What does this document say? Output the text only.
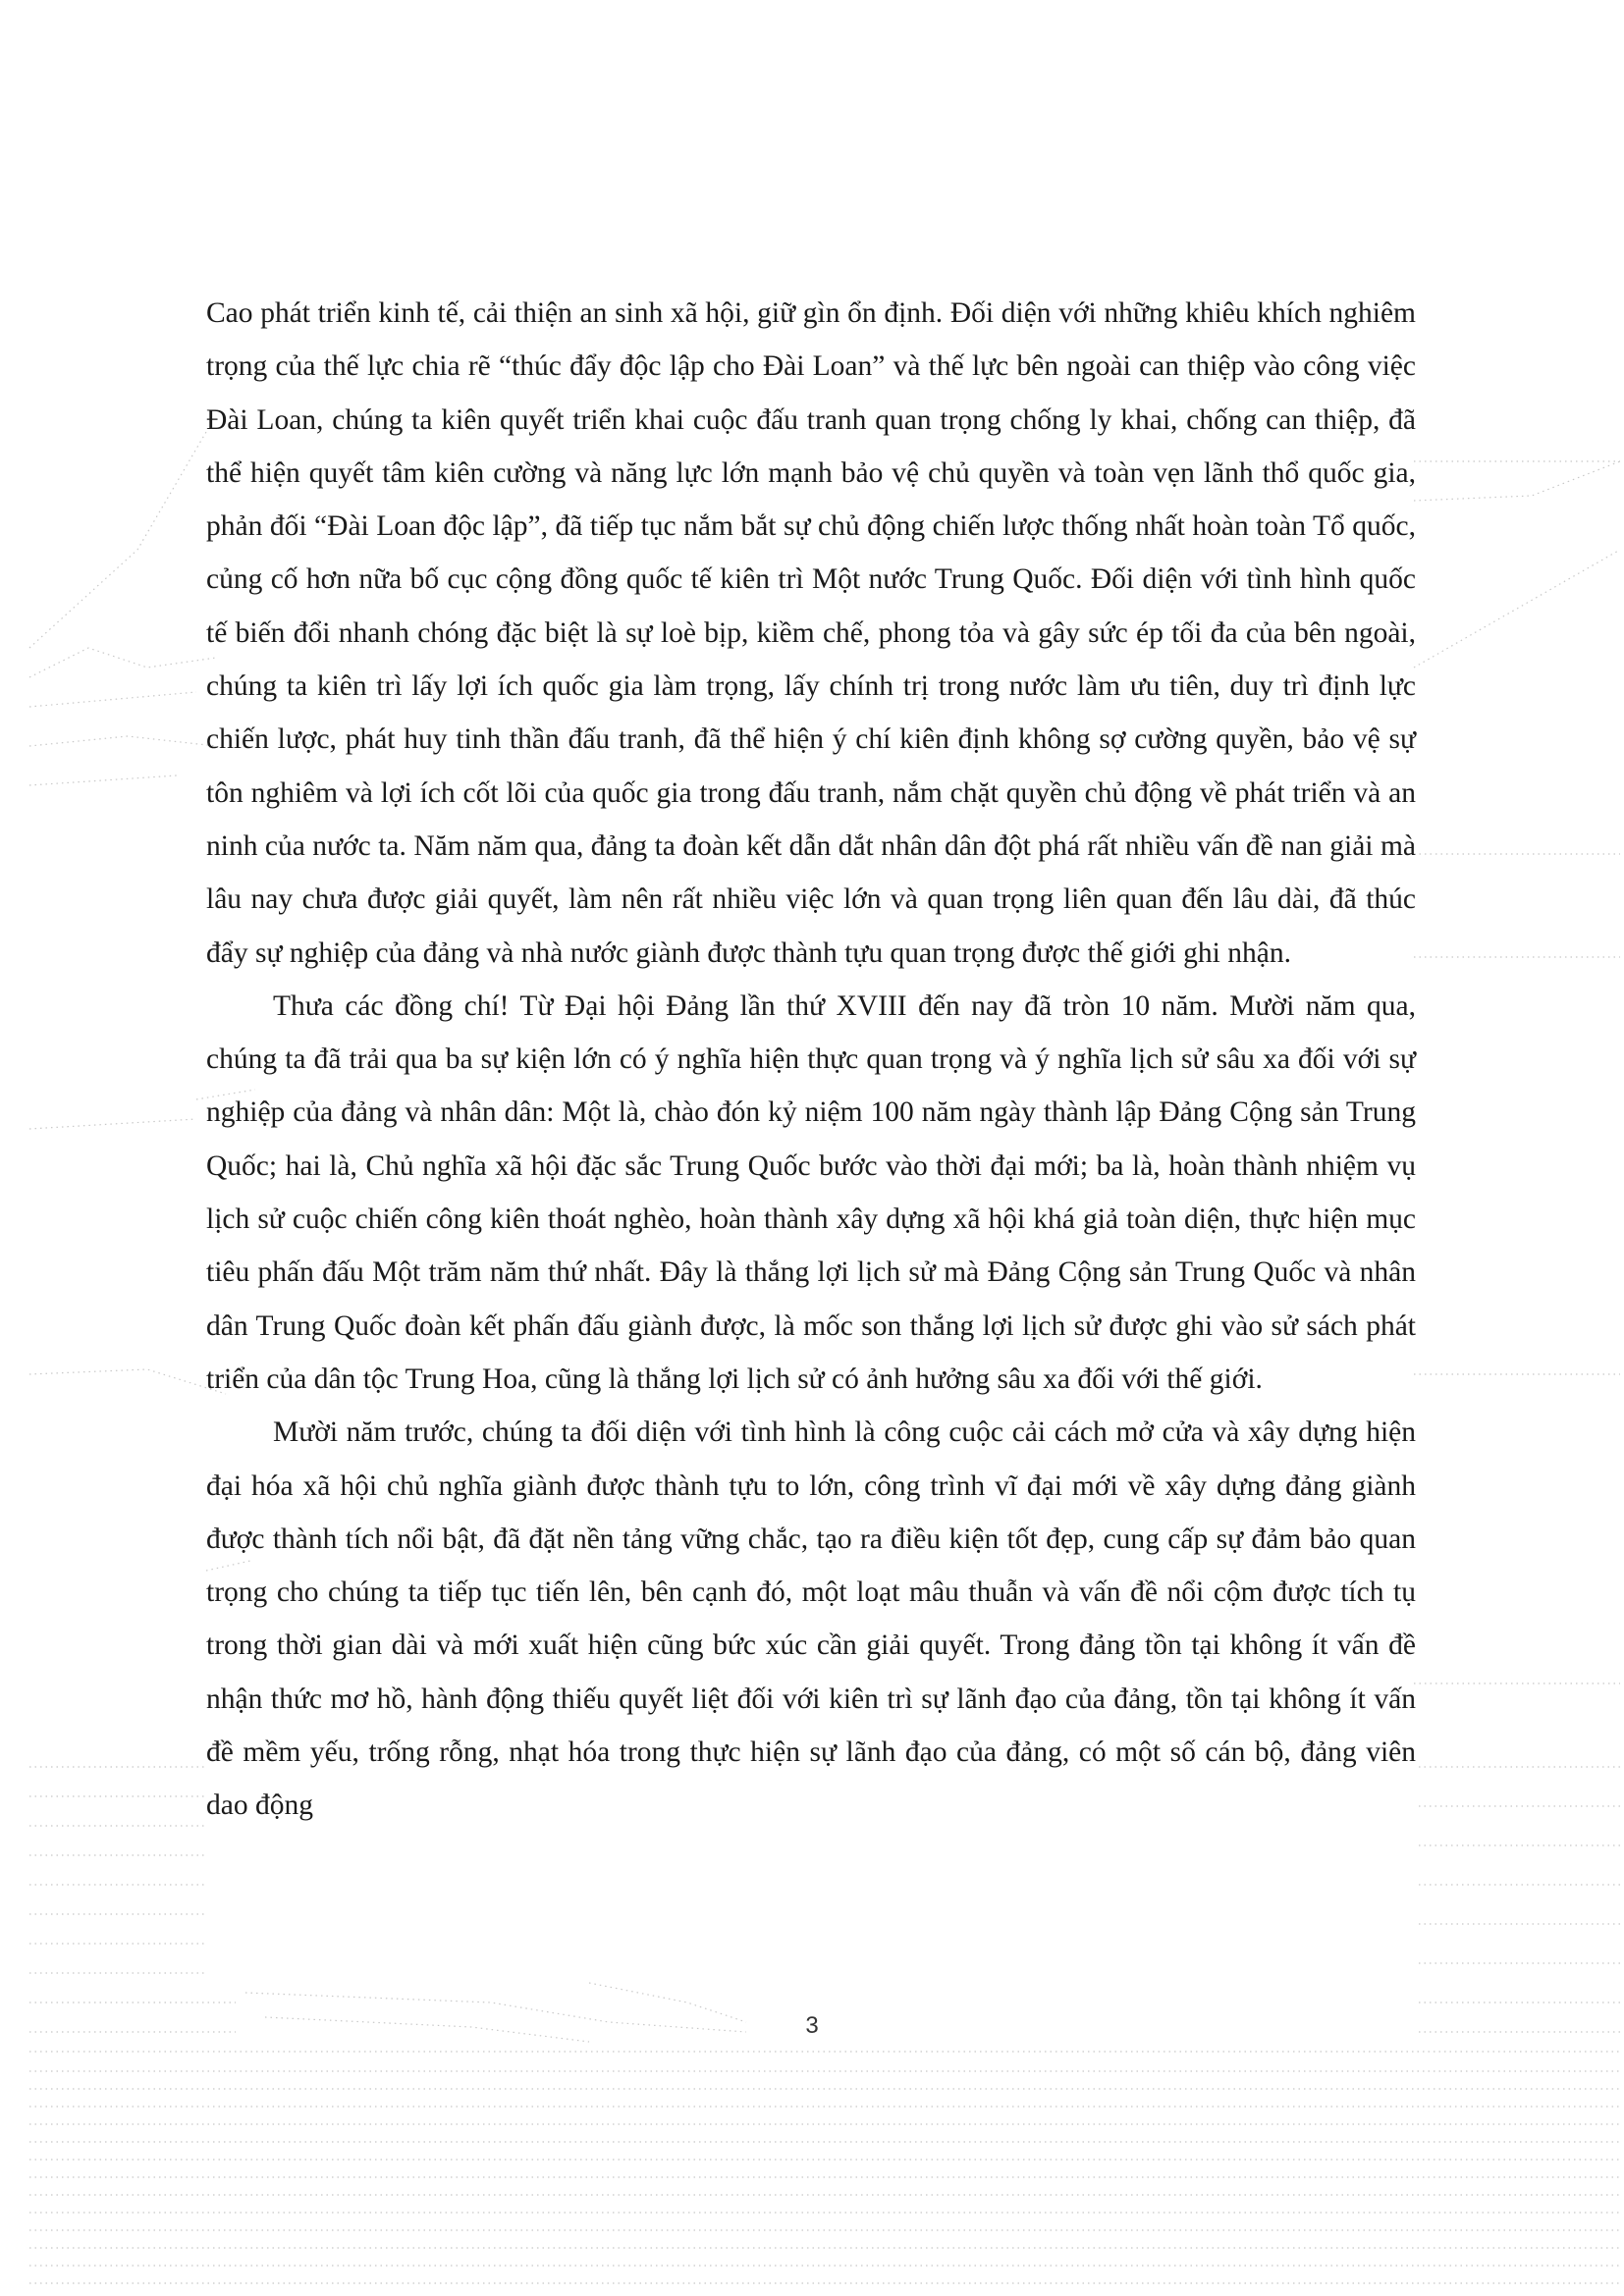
Cao phát triển kinh tế, cải thiện an sinh xã hội, giữ gìn ổn định. Đối diện với những khiêu khích nghiêm trọng của thế lực chia rẽ “thúc đẩy độc lập cho Đài Loan” và thế lực bên ngoài can thiệp vào công việc Đài Loan, chúng ta kiên quyết triển khai cuộc đấu tranh quan trọng chống ly khai, chống can thiệp, đã thể hiện quyết tâm kiên cường và năng lực lớn mạnh bảo vệ chủ quyền và toàn vẹn lãnh thổ quốc gia, phản đối “Đài Loan độc lập”, đã tiếp tục nắm bắt sự chủ động chiến lược thống nhất hoàn toàn Tổ quốc, củng cố hơn nữa bố cục cộng đồng quốc tế kiên trì Một nước Trung Quốc. Đối diện với tình hình quốc tế biến đổi nhanh chóng đặc biệt là sự loè bịp, kiềm chế, phong tỏa và gây sức ép tối đa của bên ngoài, chúng ta kiên trì lấy lợi ích quốc gia làm trọng, lấy chính trị trong nước làm ưu tiên, duy trì định lực chiến lược, phát huy tinh thần đấu tranh, đã thể hiện ý chí kiên định không sợ cường quyền, bảo vệ sự tôn nghiêm và lợi ích cốt lõi của quốc gia trong đấu tranh, nắm chặt quyền chủ động về phát triển và an ninh của nước ta. Năm năm qua, đảng ta đoàn kết dẫn dắt nhân dân đột phá rất nhiều vấn đề nan giải mà lâu nay chưa được giải quyết, làm nên rất nhiều việc lớn và quan trọng liên quan đến lâu dài, đã thúc đẩy sự nghiệp của đảng và nhà nước giành được thành tựu quan trọng được thế giới ghi nhận.

Thưa các đồng chí! Từ Đại hội Đảng lần thứ XVIII đến nay đã tròn 10 năm. Mười năm qua, chúng ta đã trải qua ba sự kiện lớn có ý nghĩa hiện thực quan trọng và ý nghĩa lịch sử sâu xa đối với sự nghiệp của đảng và nhân dân: Một là, chào đón kỷ niệm 100 năm ngày thành lập Đảng Cộng sản Trung Quốc; hai là, Chủ nghĩa xã hội đặc sắc Trung Quốc bước vào thời đại mới; ba là, hoàn thành nhiệm vụ lịch sử cuộc chiến công kiên thoát nghèo, hoàn thành xây dựng xã hội khá giả toàn diện, thực hiện mục tiêu phấn đấu Một trăm năm thứ nhất. Đây là thắng lợi lịch sử mà Đảng Cộng sản Trung Quốc và nhân dân Trung Quốc đoàn kết phấn đấu giành được, là mốc son thắng lợi lịch sử được ghi vào sử sách phát triển của dân tộc Trung Hoa, cũng là thắng lợi lịch sử có ảnh hưởng sâu xa đối với thế giới.

Mười năm trước, chúng ta đối diện với tình hình là công cuộc cải cách mở cửa và xây dựng hiện đại hóa xã hội chủ nghĩa giành được thành tựu to lớn, công trình vĩ đại mới về xây dựng đảng giành được thành tích nổi bật, đã đặt nền tảng vững chắc, tạo ra điều kiện tốt đẹp, cung cấp sự đảm bảo quan trọng cho chúng ta tiếp tục tiến lên, bên cạnh đó, một loạt mâu thuẫn và vấn đề nổi cộm được tích tụ trong thời gian dài và mới xuất hiện cũng bức xúc cần giải quyết. Trong đảng tồn tại không ít vấn đề nhận thức mơ hồ, hành động thiếu quyết liệt đối với kiên trì sự lãnh đạo của đảng, tồn tại không ít vấn đề mềm yếu, trống rỗng, nhạt hóa trong thực hiện sự lãnh đạo của đảng, có một số cán bộ, đảng viên dao động

3
